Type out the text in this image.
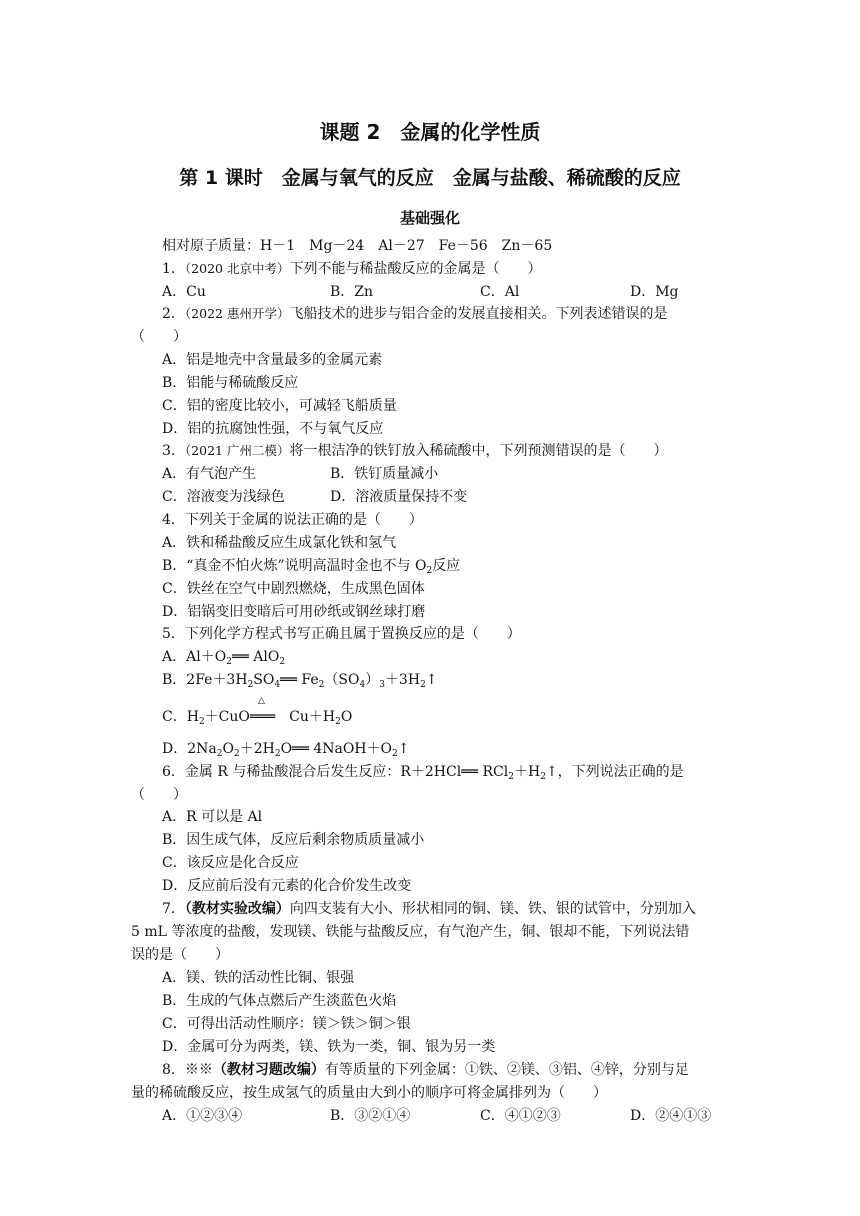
课题 2　金属的化学性质
第 1 课时　金属与氧气的反应　金属与盐酸、稀硫酸的反应
基础强化
相对原子质量：H－1　Mg－24　Al－27　Fe－56　Zn－65
1．（2020 北京中考）下列不能与稀盐酸反应的金属是（　　）
A．Cu	B．Zn	C．Al	D．Mg
2．（2022 惠州开学）飞船技术的进步与铝合金的发展直接相关。下列表述错误的是
（　　）
A．铝是地壳中含量最多的金属元素
B．铝能与稀硫酸反应
C．铝的密度比较小，可减轻飞船质量
D．铝的抗腐蚀性强，不与氧气反应
3．（2021 广州二模）将一根洁净的铁钉放入稀硫酸中，下列预测错误的是（　　）
A．有气泡产生	B．铁钉质量减小
C．溶液变为浅绿色	D．溶液质量保持不变
4．下列关于金属的说法正确的是（　　）
A．铁和稀盐酸反应生成氯化铁和氢气
B．“真金不怕火炼”说明高温时金也不与 $O_2$反应
C．铁丝在空气中剧烈燃烧，生成黑色固体
D．铝锅变旧变暗后可用砂纸或钢丝球打磨
5．下列化学方程式书写正确且属于置换反应的是（　　）
A．$Al+O_2══$ AlO$_2$
B．$2Fe+3H_2SO_4══$ $Fe_2(SO_4)_3+3H_2↑$
△
C．$H_2+CuO═══$　$Cu+H_2O$
D．$2Na_2O_2+2H_2O══$ $4NaOH+O_2↑$
6．金属 R 与稀盐酸混合后发生反应：R＋2HCl══ $RCl_2+H_2↑$，下列说法正确的是
（　　）
A．R 可以是 Al
B．因生成气体，反应后剩余物质质量减小
C．该反应是化合反应
D．反应前后没有元素的化合价发生改变
7．（教材实验改编）向四支装有大小、形状相同的铜、镁、铁、银的试管中，分别加入
5 mL 等浓度的盐酸，发现镁、铁能与盐酸反应，有气泡产生，铜、银却不能，下列说法错
误的是（　　）
A．镁、铁的活动性比铜、银强
B．生成的气体点燃后产生淡蓝色火焰
C．可得出活动性顺序：镁＞铁＞铜＞银
D．金属可分为两类，镁、铁为一类，铜、银为另一类
8．※※（教材习题改编）有等质量的下列金属：①铁、②镁、③铝、④锌，分别与足
量的稀硫酸反应，按生成氢气的质量由大到小的顺序可将金属排列为（　　）
A．①②③④	B．③②①④	C．④①②③	D．②④①③
